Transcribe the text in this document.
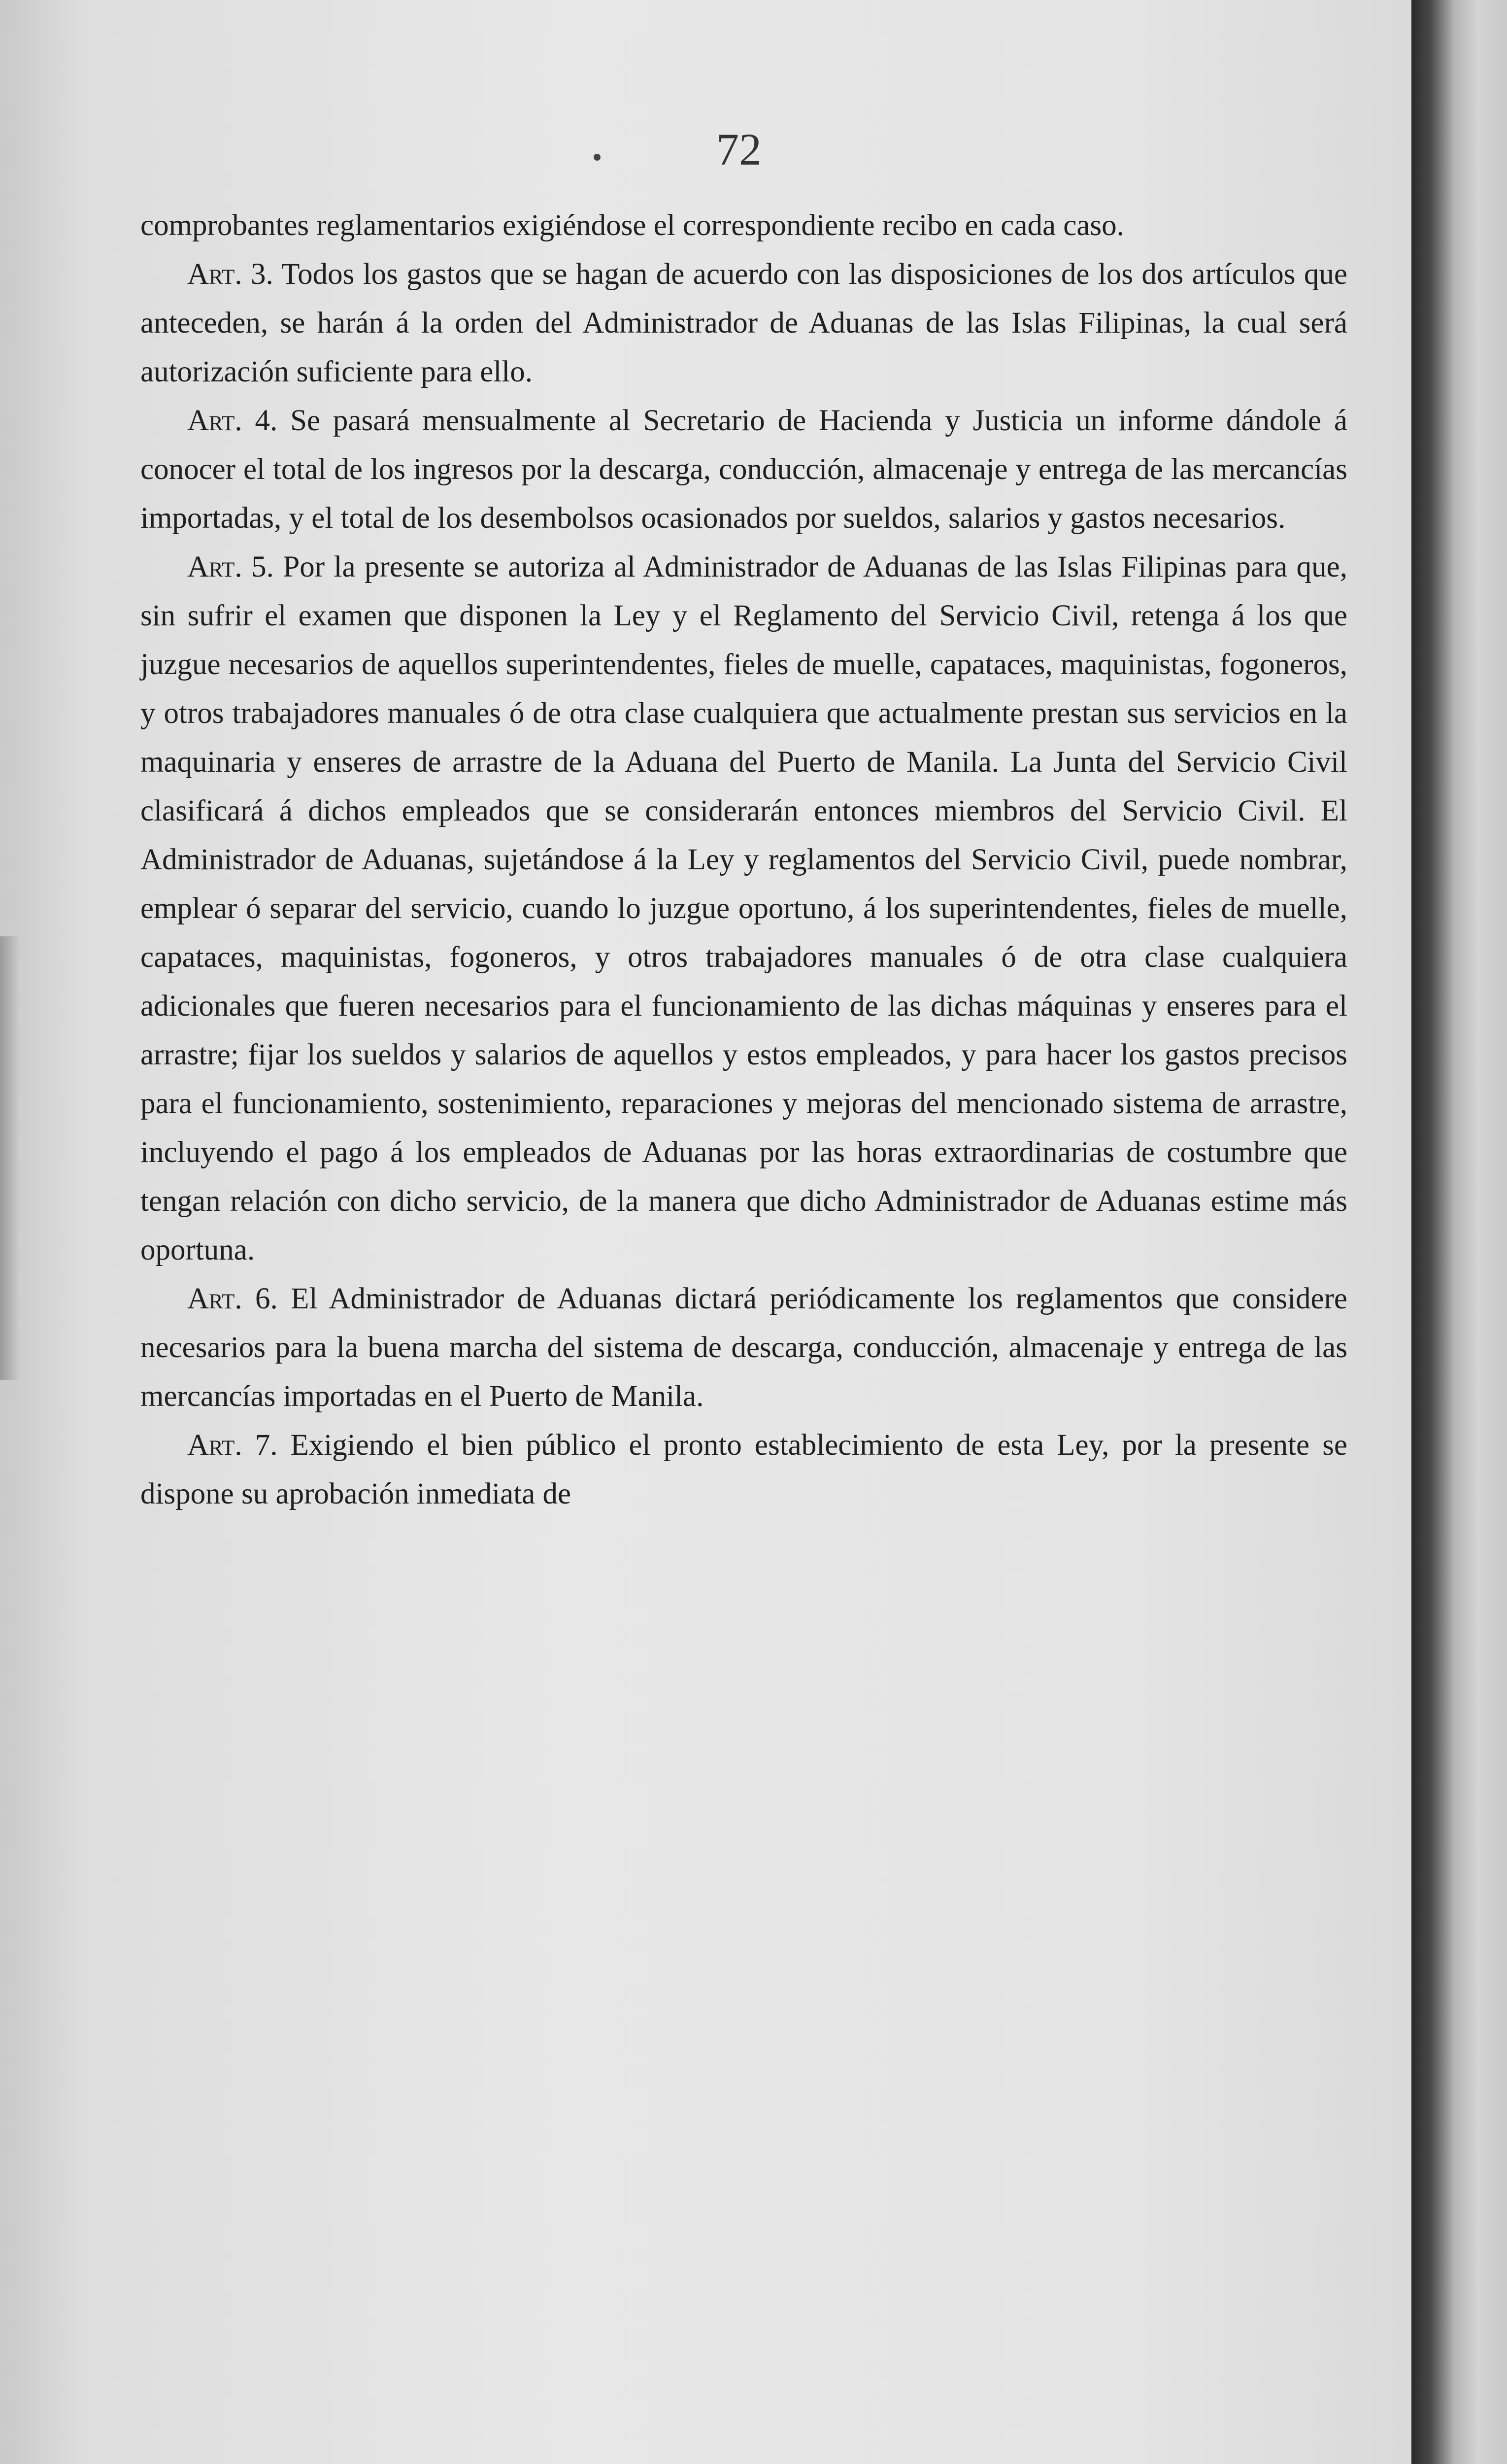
72

comprobantes reglamentarios exigiéndose el correspondiente recibo en cada caso.

Art. 3. Todos los gastos que se hagan de acuerdo con las disposiciones de los dos artículos que anteceden, se harán á la orden del Administrador de Aduanas de las Islas Filipinas, la cual será autorización suficiente para ello.

Art. 4. Se pasará mensualmente al Secretario de Hacienda y Justicia un informe dándole á conocer el total de los ingresos por la descarga, conducción, almacenaje y entrega de las mercancías importadas, y el total de los desembolsos ocasionados por sueldos, salarios y gastos necesarios.

Art. 5. Por la presente se autoriza al Administrador de Aduanas de las Islas Filipinas para que, sin sufrir el examen que disponen la Ley y el Reglamento del Servicio Civil, retenga á los que juzgue necesarios de aquellos superintendentes, fieles de muelle, capataces, maquinistas, fogoneros, y otros trabajadores manuales ó de otra clase cualquiera que actualmente prestan sus servicios en la maquinaria y enseres de arrastre de la Aduana del Puerto de Manila. La Junta del Servicio Civil clasificará á dichos empleados que se considerarán entonces miembros del Servicio Civil. El Administrador de Aduanas, sujetándose á la Ley y reglamentos del Servicio Civil, puede nombrar, emplear ó separar del servicio, cuando lo juzgue oportuno, á los superintendentes, fieles de muelle, capataces, maquinistas, fogoneros, y otros trabajadores manuales ó de otra clase cualquiera adicionales que fueren necesarios para el funcionamiento de las dichas máquinas y enseres para el arrastre; fijar los sueldos y salarios de aquellos y estos empleados, y para hacer los gastos precisos para el funcionamiento, sostenimiento, reparaciones y mejoras del mencionado sistema de arrastre, incluyendo el pago á los empleados de Aduanas por las horas extraordinarias de costumbre que tengan relación con dicho servicio, de la manera que dicho Administrador de Aduanas estime más oportuna.

Art. 6. El Administrador de Aduanas dictará periódicamente los reglamentos que considere necesarios para la buena marcha del sistema de descarga, conducción, almacenaje y entrega de las mercancías importadas en el Puerto de Manila.

Art. 7. Exigiendo el bien público el pronto establecimiento de esta Ley, por la presente se dispone su aprobación inmediata de
